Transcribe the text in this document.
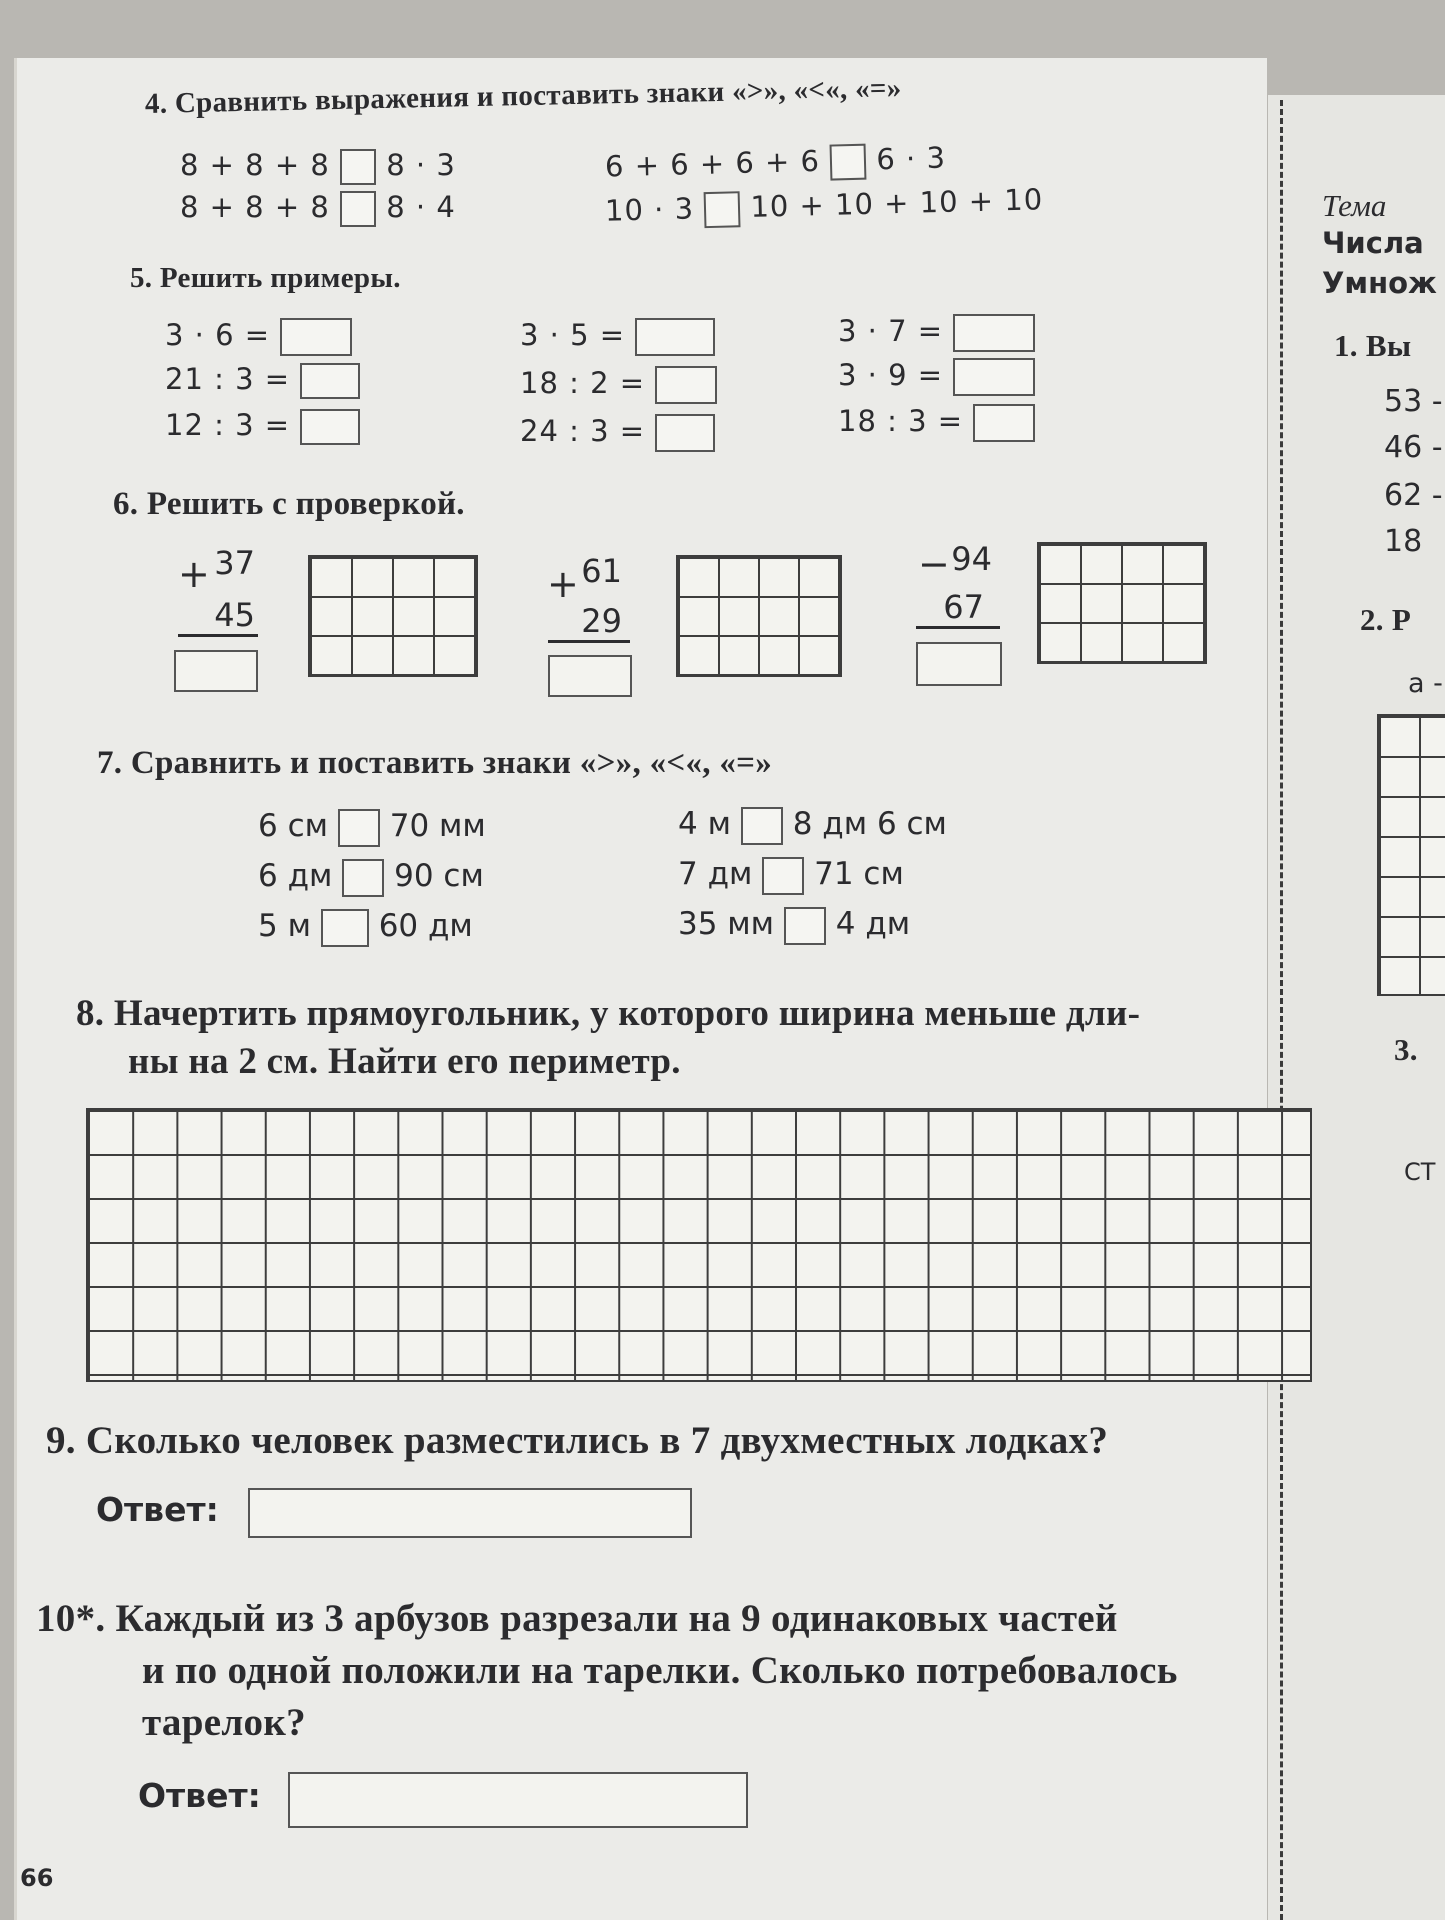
4. Сравнить выражения и поставить знаки «>», «<«, «=»
8 + 8 + 8 8 · 3
8 + 8 + 8 8 · 4
6 + 6 + 6 + 6 6 · 3
10 · 3 10 + 10 + 10 + 10
5. Решить примеры.
3 · 6 =
21 : 3 =
12 : 3 =
3 · 5 =
18 : 2 =
24 : 3 =
3 · 7 =
3 · 9 =
18 : 3 =
6. Решить с проверкой.
+ 37
45
+ 61
29
− 94
67
7. Сравнить и поставить знаки «>», «<«, «=»
6 см 70 мм
6 дм 90 см
5 м 60 дм
4 м 8 дм 6 см
7 дм 71 см
35 мм 4 дм
8. Начертить прямоугольник, у которого ширина меньше дли-
ны на 2 см. Найти его периметр.
9. Сколько человек разместились в 7 двухместных лодках?
Ответ:
10*. Каждый из 3 арбузов разрезали на 9 одинаковых частей
и по одной положили на тарелки. Сколько потребовалось
тарелок?
Ответ:
66
Тема
Числа
Умнож
1. Вы
53 -
46 -
62 -
18
2. Р
а -
3.
СТ
